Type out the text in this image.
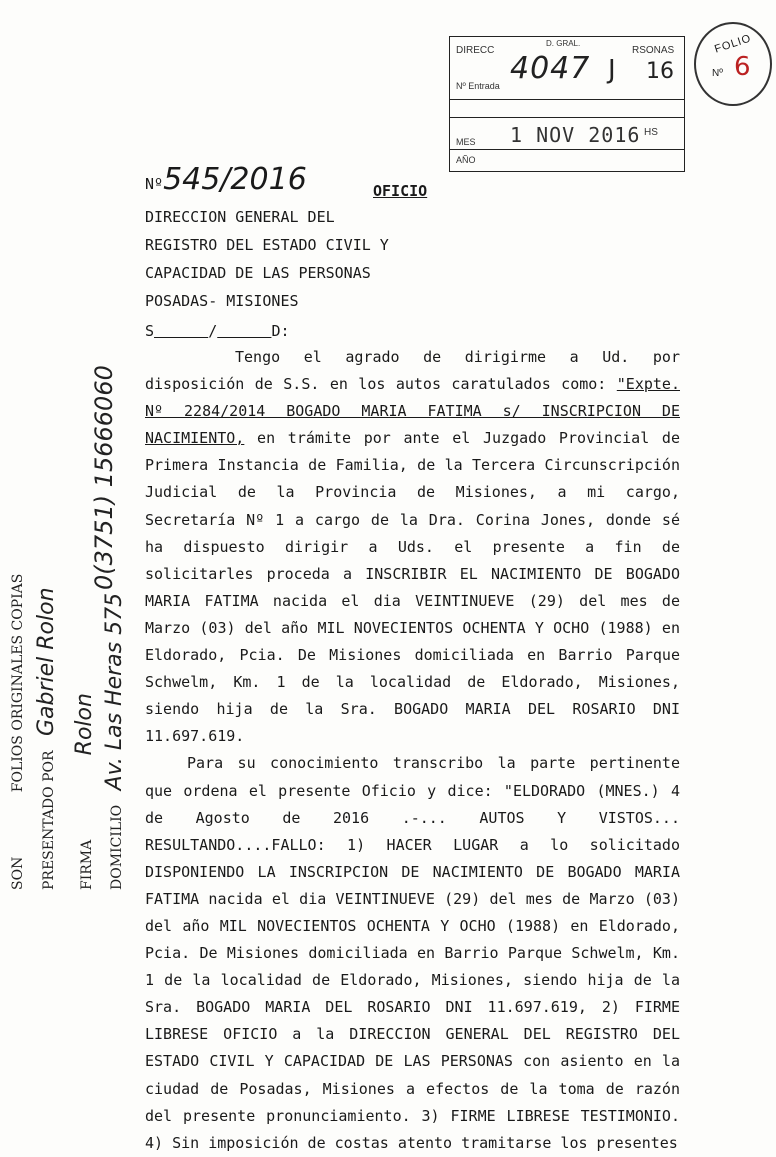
D. GRAL.
DIRECC	RSONAS
Nº Entrada 4047 J 16
1 NOV 2016 HS
MES
AÑO
FOLIO
6
Nº
SON FOLIOS ORIGINALES COPIAS
PRESENTADO POR Gabriel Rolon
FIRMA Rolon
DOMICILIO Av. Las Heras 575
0(3751) 15666060
Nº545/2016	OFICIO
DIRECCION GENERAL DEL
REGISTRO DEL ESTADO CIVIL Y
CAPACIDAD DE LAS PERSONAS
POSADAS- MISIONES
S	/	D:

Tengo el agrado de dirigirme a Ud. por disposición de S.S. en los autos caratulados como: "Expte. Nº 2284/2014 BOGADO MARIA FATIMA s/ INSCRIPCION DE NACIMIENTO, en trámite por ante el Juzgado Provincial de Primera Instancia de Familia, de la Tercera Circunscripción Judicial de la Provincia de Misiones, a mi cargo, Secretaría Nº 1 a cargo de la Dra. Corina Jones, donde sé ha dispuesto dirigir a Uds. el presente a fin de solicitarles proceda a INSCRIBIR EL NACIMIENTO DE BOGADO MARIA FATIMA nacida el dia VEINTINUEVE (29) del mes de Marzo (03) del año MIL NOVECIENTOS OCHENTA Y OCHO (1988) en Eldorado, Pcia. De Misiones domiciliada en Barrio Parque Schwelm, Km. 1 de la localidad de Eldorado, Misiones, siendo hija de la Sra. BOGADO MARIA DEL ROSARIO DNI 11.697.619.

Para su conocimiento transcribo la parte pertinente que ordena el presente Oficio y dice: "ELDORADO (MNES.) 4 de Agosto de 2016 .-... AUTOS Y VISTOS... RESULTANDO....FALLO: 1) HACER LUGAR a lo solicitado DISPONIENDO LA INSCRIPCION DE NACIMIENTO DE BOGADO MARIA FATIMA nacida el dia VEINTINUEVE (29) del mes de Marzo (03) del año MIL NOVECIENTOS OCHENTA Y OCHO (1988) en Eldorado, Pcia. De Misiones domiciliada en Barrio Parque Schwelm, Km. 1 de la localidad de Eldorado, Misiones, siendo hija de la Sra. BOGADO MARIA DEL ROSARIO DNI 11.697.619, 2) FIRME LIBRESE OFICIO a la DIRECCION GENERAL DEL REGISTRO DEL ESTADO CIVIL Y CAPACIDAD DE LAS PERSONAS con asiento en la ciudad de Posadas, Misiones a efectos de la toma de razón del presente pronunciamiento. 3) FIRME LIBRESE TESTIMONIO. 4) Sin imposición de costas atento tramitarse los presentes
